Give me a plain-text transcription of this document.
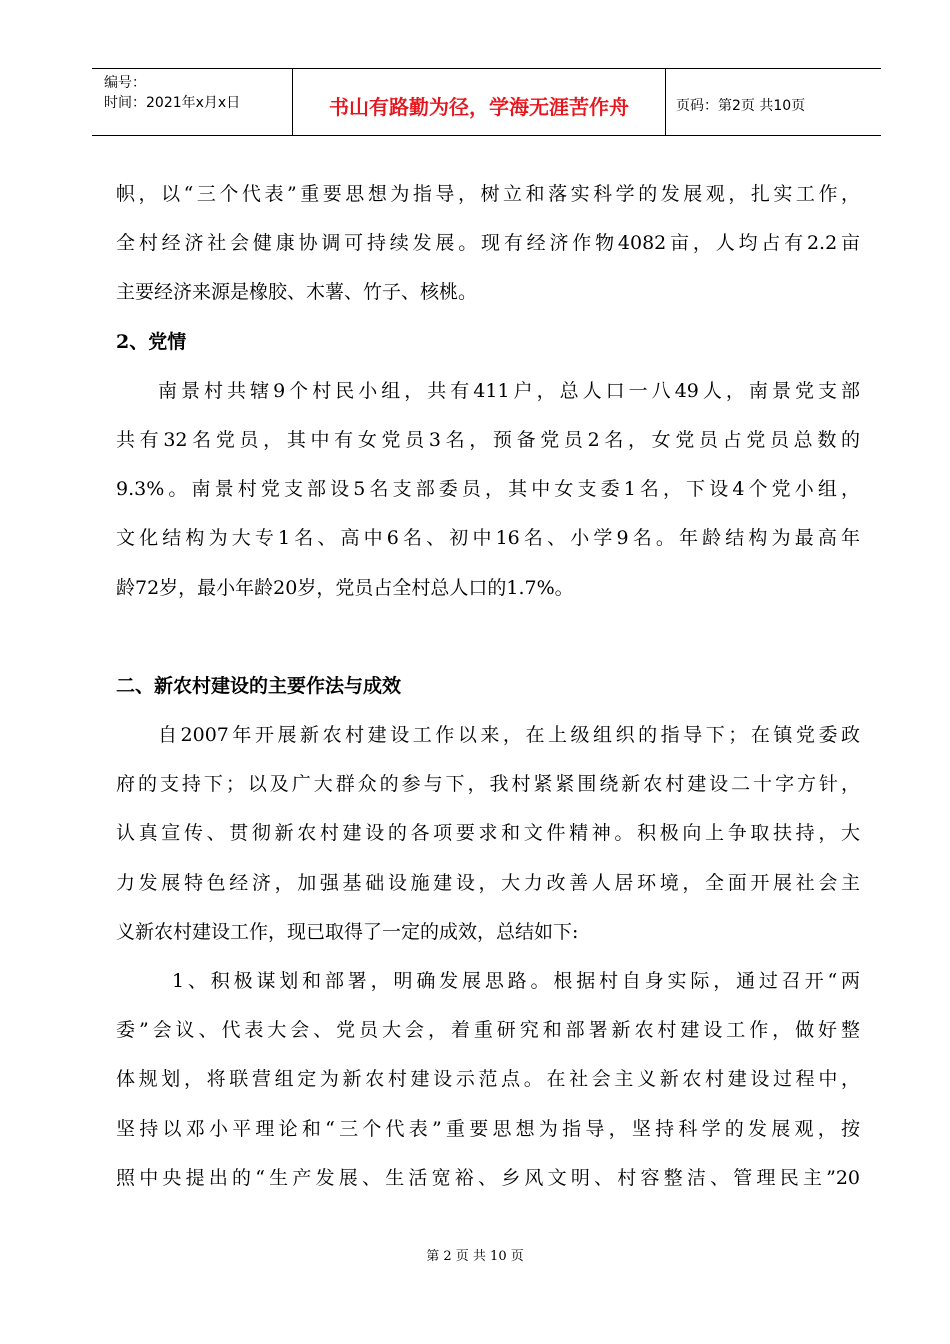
编号：
时间：2021年x月x日	书山有路勤为径，学海无涯苦作舟	页码：第2页 共10页
帜，以“三个代表”重要思想为指导，树立和落实科学的发展观，扎实工作，
全村经济社会健康协调可持续发展。现有经济作物4082亩，人均占有2.2亩
主要经济来源是橡胶、木薯、竹子、核桃。
2、党情
南景村共辖9个村民小组，共有411户，总人口一八49人，南景党支部
共有32名党员，其中有女党员3名，预备党员2名，女党员占党员总数的
9.3%。南景村党支部设5名支部委员，其中女支委1名，下设4个党小组，
文化结构为大专1名、高中6名、初中16名、小学9名。年龄结构为最高年
龄72岁，最小年龄20岁，党员占全村总人口的1.7%。
二、新农村建设的主要作法与成效
自2007年开展新农村建设工作以来，在上级组织的指导下；在镇党委政
府的支持下；以及广大群众的参与下，我村紧紧围绕新农村建设二十字方针，
认真宣传、贯彻新农村建设的各项要求和文件精神。积极向上争取扶持，大
力发展特色经济，加强基础设施建设，大力改善人居环境，全面开展社会主
义新农村建设工作，现已取得了一定的成效，总结如下:
1、积极谋划和部署，明确发展思路。根据村自身实际，通过召开“两
委”会议、代表大会、党员大会，着重研究和部署新农村建设工作，做好整
体规划，将联营组定为新农村建设示范点。在社会主义新农村建设过程中，
坚持以邓小平理论和“三个代表”重要思想为指导，坚持科学的发展观，按
照中央提出的“生产发展、生活宽裕、乡风文明、村容整洁、管理民主”20
第 2 页 共 10 页
